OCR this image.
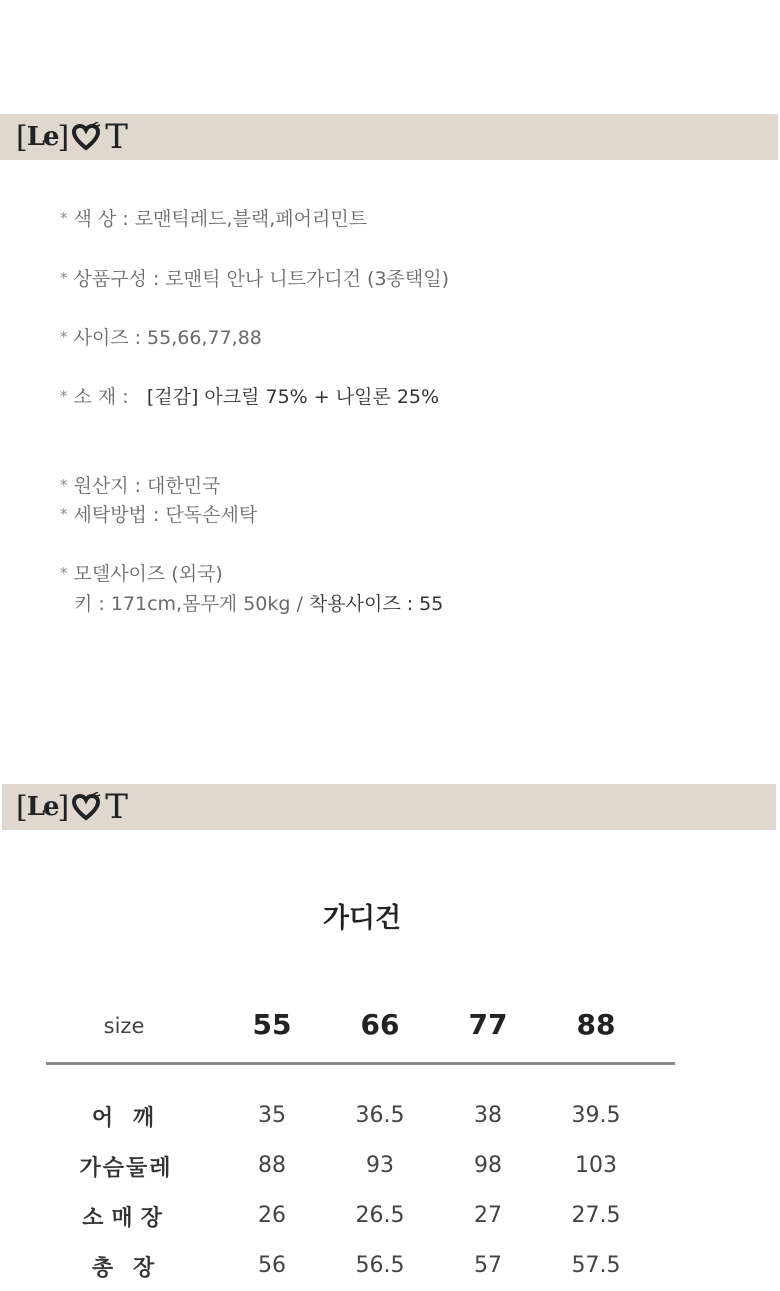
[ Le ] T
* 색 상 : 로맨틱레드,블랙,페어리민트
* 상품구성 : 로맨틱 안나 니트가디건 (3종택일)
* 사이즈 : 55,66,77,88
* 소 재 : [겉감] 아크릴 75% + 나일론 25%
* 원산지 : 대한민국
* 세탁방법 : 단독손세탁
* 모델사이즈 (외국)
키 : 171cm,몸무게 50kg / 착용사이즈 : 55
[ Le ] T
가디건
size	55	66	77	88
어 깨	35	36.5	38	39.5
가슴둘레	88	93	98	103
소매장	26	26.5	27	27.5
총 장	56	56.5	57	57.5
